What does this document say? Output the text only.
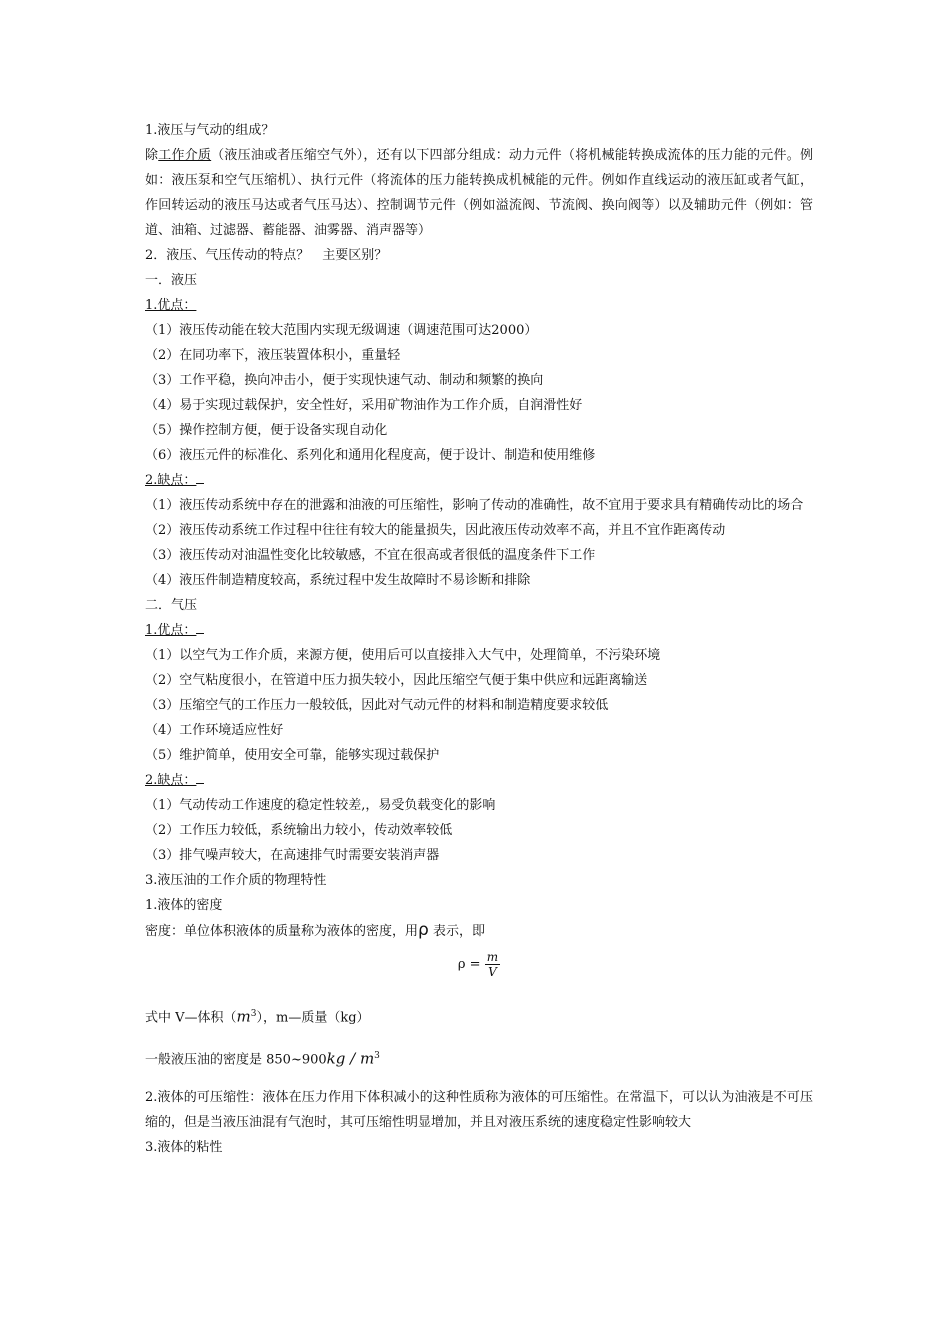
1.液压与气动的组成？
除工作介质（液压油或者压缩空气外），还有以下四部分组成：动力元件（将机械能转换成流体的压力能的元件。例如：液压泵和空气压缩机）、执行元件（将流体的压力能转换成机械能的元件。例如作直线运动的液压缸或者气缸，作回转运动的液压马达或者气压马达）、控制调节元件（例如溢流阀、节流阀、换向阀等）以及辅助元件（例如：管道、油箱、过滤器、蓄能器、油雾器、消声器等）
2．液压、气压传动的特点？　主要区别？
一．液压
1.优点：
（1）液压传动能在较大范围内实现无级调速（调速范围可达2000）
（2）在同功率下，液压装置体积小，重量轻
（3）工作平稳，换向冲击小，便于实现快速气动、制动和频繁的换向
（4）易于实现过载保护，安全性好，采用矿物油作为工作介质，自润滑性好
（5）操作控制方便，便于设备实现自动化
（6）液压元件的标准化、系列化和通用化程度高，便于设计、制造和使用维修
2.缺点：
（1）液压传动系统中存在的泄露和油液的可压缩性，影响了传动的准确性，故不宜用于要求具有精确传动比的场合
（2）液压传动系统工作过程中往往有较大的能量损失，因此液压传动效率不高，并且不宜作距离传动
（3）液压传动对油温性变化比较敏感，不宜在很高或者很低的温度条件下工作
（4）液压件制造精度较高，系统过程中发生故障时不易诊断和排除
二．气压
1.优点：
（1）以空气为工作介质，来源方便，使用后可以直接排入大气中，处理简单，不污染环境
（2）空气粘度很小，在管道中压力损失较小，因此压缩空气便于集中供应和远距离输送
（3）压缩空气的工作压力一般较低，因此对气动元件的材料和制造精度要求较低
（4）工作环境适应性好
（5）维护简单，使用安全可靠，能够实现过载保护
2.缺点：
（1）气动传动工作速度的稳定性较差,，易受负载变化的影响
（2）工作压力较低，系统输出力较小，传动效率较低
（3）排气噪声较大，在高速排气时需要安装消声器
3.液压油的工作介质的物理特性
1.液体的密度
密度：单位体积液体的质量称为液体的密度，用ρ 表示，即
$\rho = \frac{m}{V}$
式中 V—体积$(m^3)$，m—质量（kg）
一般液压油的密度是 850~900kg / $m^3$
2.液体的可压缩性：液体在压力作用下体积减小的这种性质称为液体的可压缩性。在常温下，可以认为油液是不可压缩的，但是当液压油混有气泡时，其可压缩性明显增加，并且对液压系统的速度稳定性影响较大
3.液体的粘性
